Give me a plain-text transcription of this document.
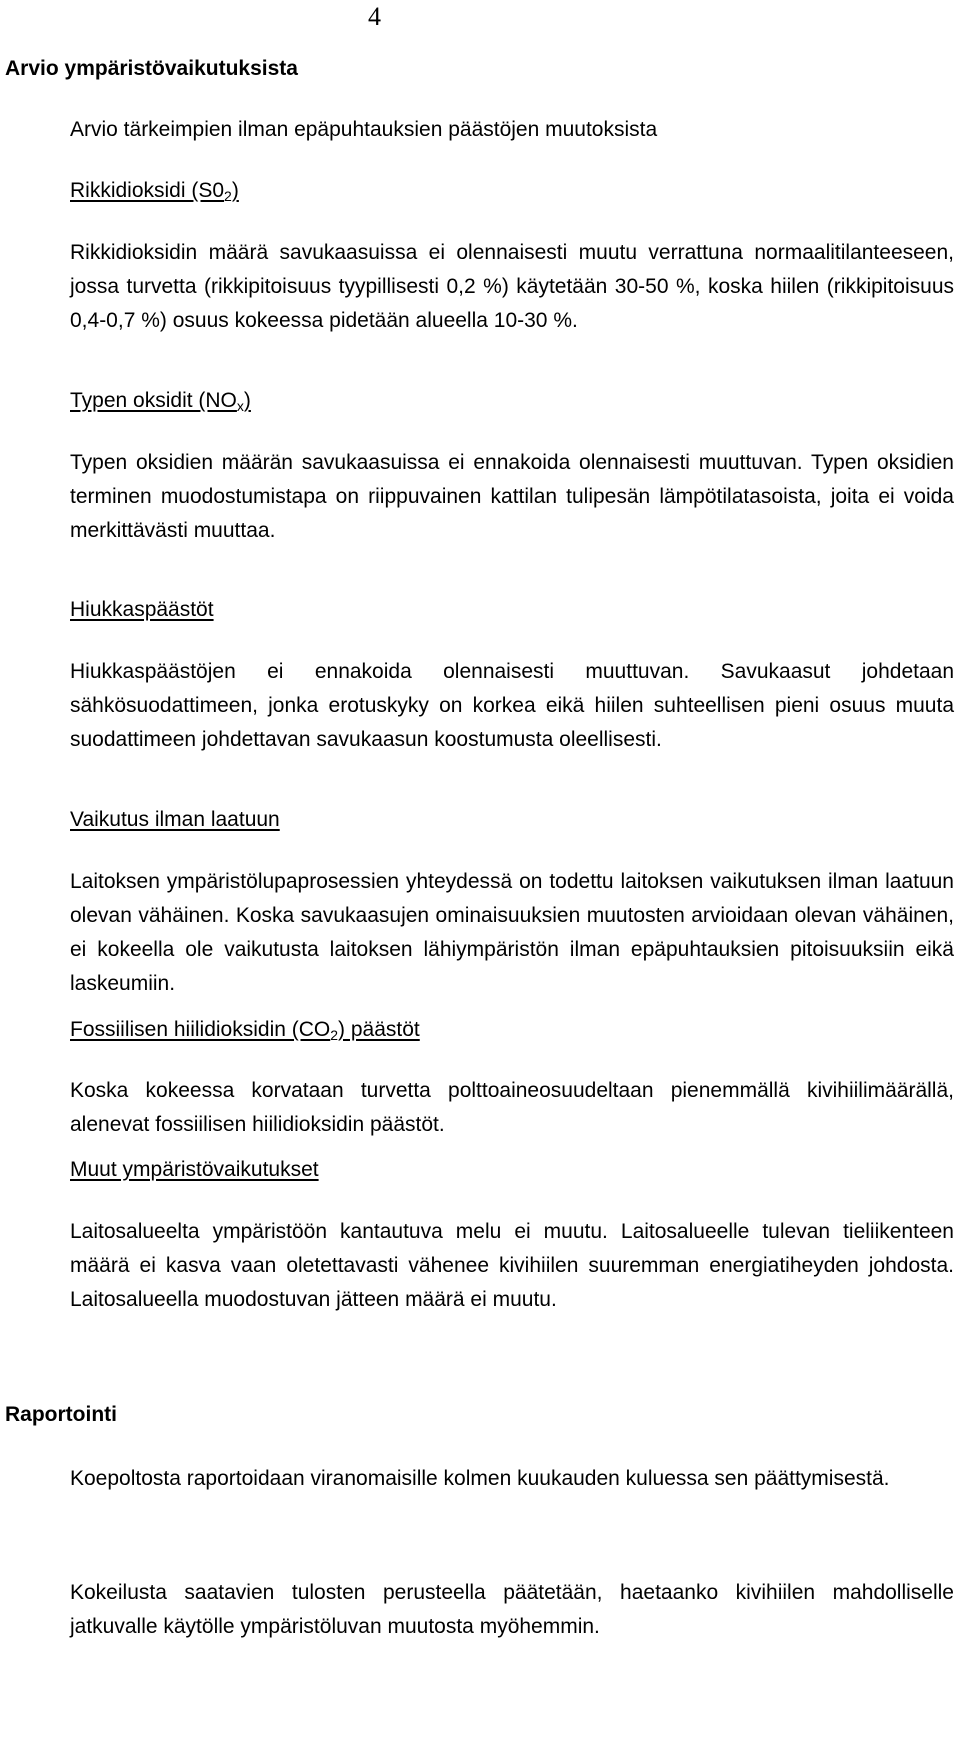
4
Arvio ympäristövaikutuksista
Arvio tärkeimpien ilman epäpuhtauksien päästöjen muutoksista
Rikkidioksidi $(S0_2)$

Rikkidioksidin määrä savukaasuissa ei olennaisesti muutu verrattuna normaalitilanteeseen, jossa turvetta (rikkipitoisuus tyypillisesti 0,2 %) käytetään 30-50 %, koska hiilen (rikkipitoisuus 0,4-0,7 %) osuus kokeessa pidetään alueella 10-30 %.

Typen oksidit $(NO_x)$

Typen oksidien määrän savukaasuissa ei ennakoida olennaisesti muuttuvan. Typen oksidien terminen muodostumistapa on riippuvainen kattilan tulipesän lämpötilatasoista, joita ei voida merkittävästi muuttaa.

Hiukkaspäästöt

Hiukkaspäästöjen ei ennakoida olennaisesti muuttuvan. Savukaasut johdetaan sähkösuodattimeen, jonka erotuskyky on korkea eikä hiilen suhteellisen pieni osuus muuta suodattimeen johdettavan savukaasun koostumusta oleellisesti.

Vaikutus ilman laatuun

Laitoksen ympäristölupaprosessien yhteydessä on todettu laitoksen vaikutuksen ilman laatuun olevan vähäinen. Koska savukaasujen ominaisuuksien muutosten arvioidaan olevan vähäinen, ei kokeella ole vaikutusta laitoksen lähiympäristön ilman epäpuhtauksien pitoisuuksiin eikä laskeumiin.

Fossiilisen hiilidioksidin $(CO_2)$ päästöt

Koska kokeessa korvataan turvetta polttoaineosuudeltaan pienemmällä kivihiilimäärällä, alenevat fossiilisen hiilidioksidin päästöt.

Muut ympäristövaikutukset

Laitosalueelta ympäristöön kantautuva melu ei muutu. Laitosalueelle tulevan tieliikenteen määrä ei kasva vaan oletettavasti vähenee kivihiilen suuremman energiatiheyden johdosta. Laitosalueella muodostuvan jätteen määrä ei muutu.

Raportointi

Koepoltosta raportoidaan viranomaisille kolmen kuukauden kuluessa sen päättymisestä.

Kokeilusta saatavien tulosten perusteella päätetään, haetaanko kivihiilen mahdolliselle jatkuvalle käytölle ympäristöluvan muutosta myöhemmin.
